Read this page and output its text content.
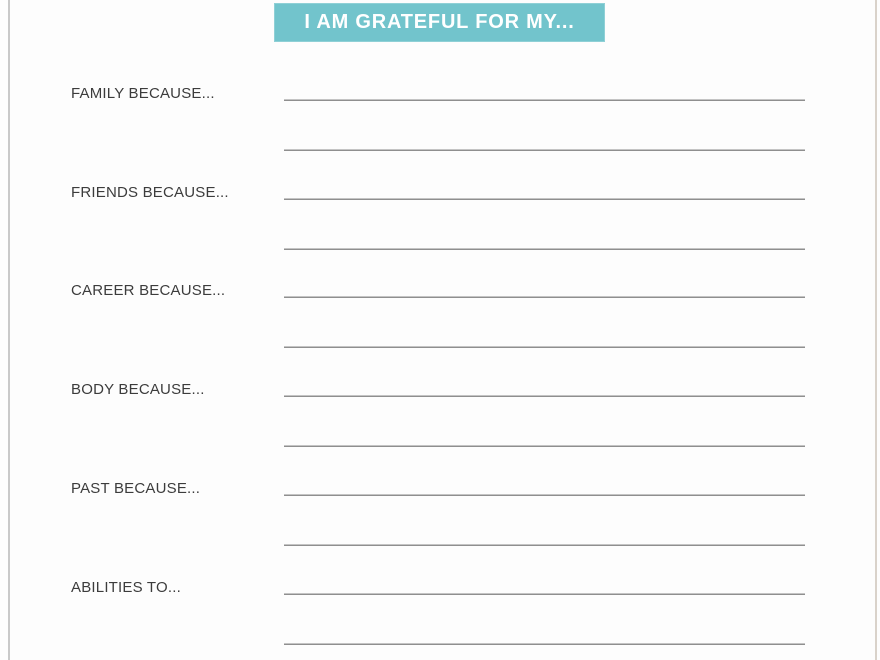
I AM GRATEFUL FOR MY...
FAMILY BECAUSE...
FRIENDS BECAUSE...
CAREER BECAUSE...
BODY BECAUSE...
PAST BECAUSE...
ABILITIES TO...
